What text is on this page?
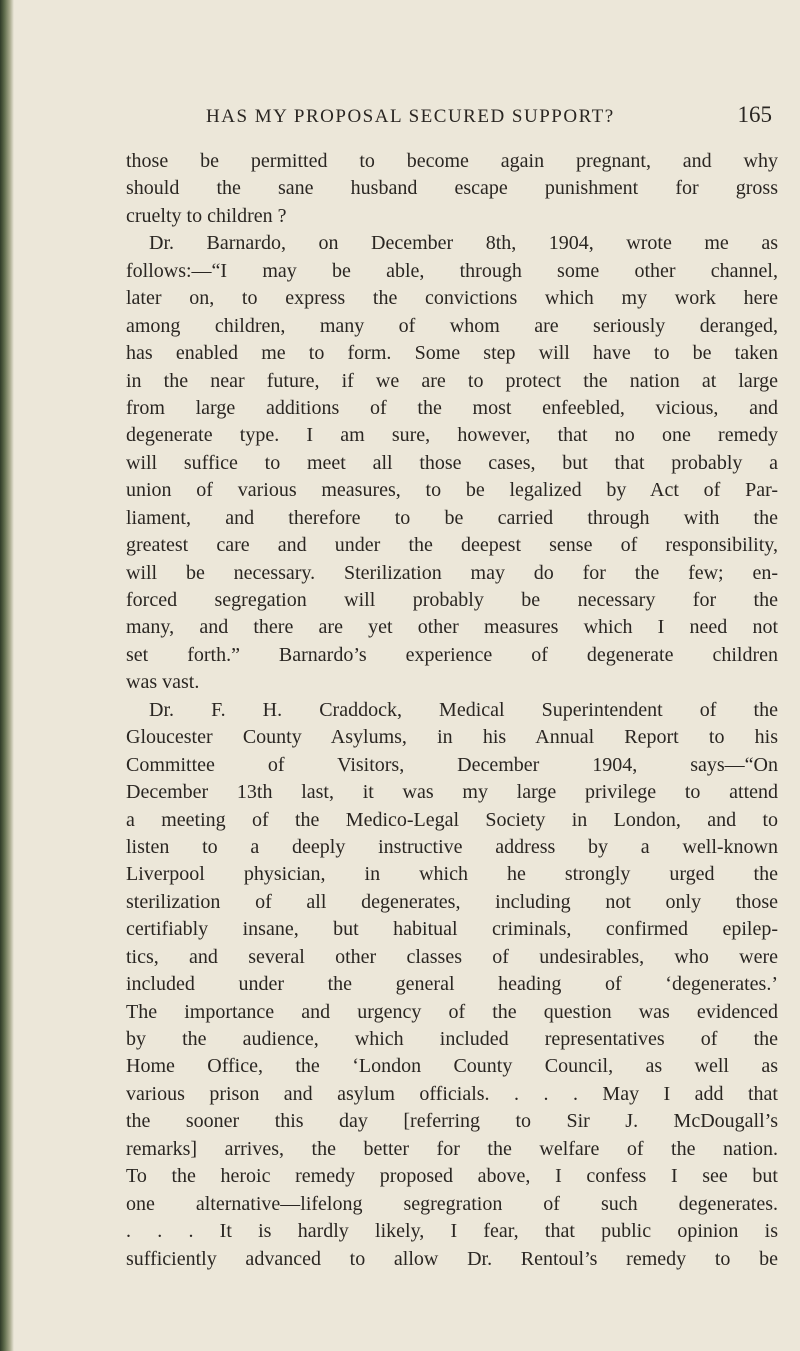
HAS MY PROPOSAL SECURED SUPPORT?	165
those be permitted to become again pregnant, and why
should the sane husband escape punishment for gross
cruelty to children ?
Dr. Barnardo, on December 8th, 1904, wrote me as
follows:—“I may be able, through some other channel,
later on, to express the convictions which my work here
among children, many of whom are seriously deranged,
has enabled me to form. Some step will have to be taken
in the near future, if we are to protect the nation at large
from large additions of the most enfeebled, vicious, and
degenerate type. I am sure, however, that no one remedy
will suffice to meet all those cases, but that probably a
union of various measures, to be legalized by Act of Par-
liament, and therefore to be carried through with the
greatest care and under the deepest sense of responsibility,
will be necessary. Sterilization may do for the few; en-
forced segregation will probably be necessary for the
many, and there are yet other measures which I need not
set forth.” Barnardo’s experience of degenerate children
was vast.
Dr. F. H. Craddock, Medical Superintendent of the
Gloucester County Asylums, in his Annual Report to his
Committee of Visitors, December 1904, says—“On
December 13th last, it was my large privilege to attend
a meeting of the Medico-Legal Society in London, and to
listen to a deeply instructive address by a well-known
Liverpool physician, in which he strongly urged the
sterilization of all degenerates, including not only those
certifiably insane, but habitual criminals, confirmed epilep-
tics, and several other classes of undesirables, who were
included under the general heading of ‘degenerates.’
The importance and urgency of the question was evidenced
by the audience, which included representatives of the
Home Office, the ‘London County Council, as well as
various prison and asylum officials. . . . May I add that
the sooner this day [referring to Sir J. McDougall’s
remarks] arrives, the better for the welfare of the nation.
To the heroic remedy proposed above, I confess I see but
one alternative—lifelong segregration of such degenerates.
. . . It is hardly likely, I fear, that public opinion is
sufficiently advanced to allow Dr. Rentoul’s remedy to be
